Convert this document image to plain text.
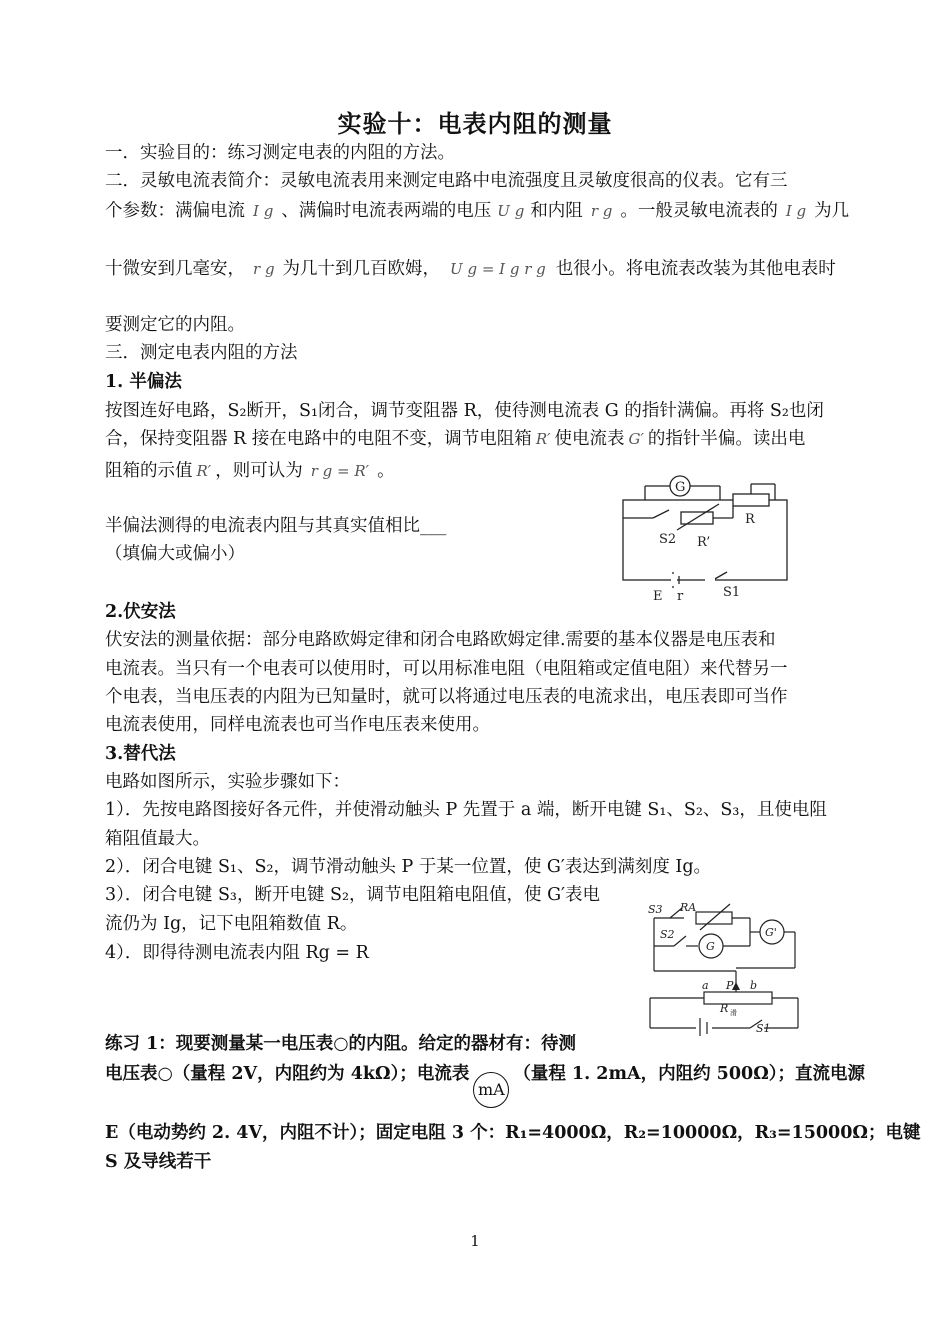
实验十：电表内阻的测量
一．实验目的：练习测定电表的内阻的方法。
二．灵敏电流表简介：灵敏电流表用来测定电路中电流强度且灵敏度很高的仪表。它有三
个参数：满偏电流 I g 、满偏时电流表两端的电压 U g 和内阻 r g 。一般灵敏电流表的 I g 为几
十微安到几毫安， r g 为几十到几百欧姆， U g = I g r g 也很小。将电流表改装为其他电表时
要测定它的内阻。
三．测定电表内阻的方法
1. 半偏法
按图连好电路，S₂断开，S₁闭合，调节变阻器 R，使待测电流表 G 的指针满偏。再将 S₂也闭
合，保持变阻器 R 接在电路中的电阻不变，调节电阻箱 R′ 使电流表 G′ 的指针半偏。读出电
阻箱的示值 R′ ，则可认为 r g = R′ 。
半偏法测得的电流表内阻与其真实值相比___
（填偏大或偏小）
G
R
S2 R’
E r	S1
2.伏安法
伏安法的测量依据：部分电路欧姆定律和闭合电路欧姆定律.需要的基本仪器是电压表和
电流表。当只有一个电表可以使用时，可以用标准电阻（电阻箱或定值电阻）来代替另一
个电表，当电压表的内阻为已知量时，就可以将通过电压表的电流求出，电压表即可当作
电流表使用，同样电流表也可当作电压表来使用。
3.替代法
电路如图所示，实验步骤如下：
1）．先按电路图接好各元件，并使滑动触头 P 先置于 a 端，断开电键 S₁、S₂、S₃，且使电阻
箱阻值最大。
2）．闭合电键 S₁、S₂，调节滑动触头 P 于某一位置，使 G′表达到满刻度 Ig。
3）．闭合电键 S₃，断开电键 S₂，调节电阻箱电阻值，使 G′表电
流仍为 Ig，记下电阻箱数值 R。
4）．即得待测电流表内阻 Rg = R
S3 RA
S2
G
G'
a P b
R 滑
S1
练习 1：现要测量某一电压表○的内阻。给定的器材有：待测
电压表○（量程 2V，内阻约为 4kΩ）；电流表mA（量程 1. 2mA，内阻约 500Ω）；直流电源
E（电动势约 2. 4V，内阻不计）；固定电阻 3 个：R₁=4000Ω，R₂=10000Ω，R₃=15000Ω；电键
S 及导线若干
1
